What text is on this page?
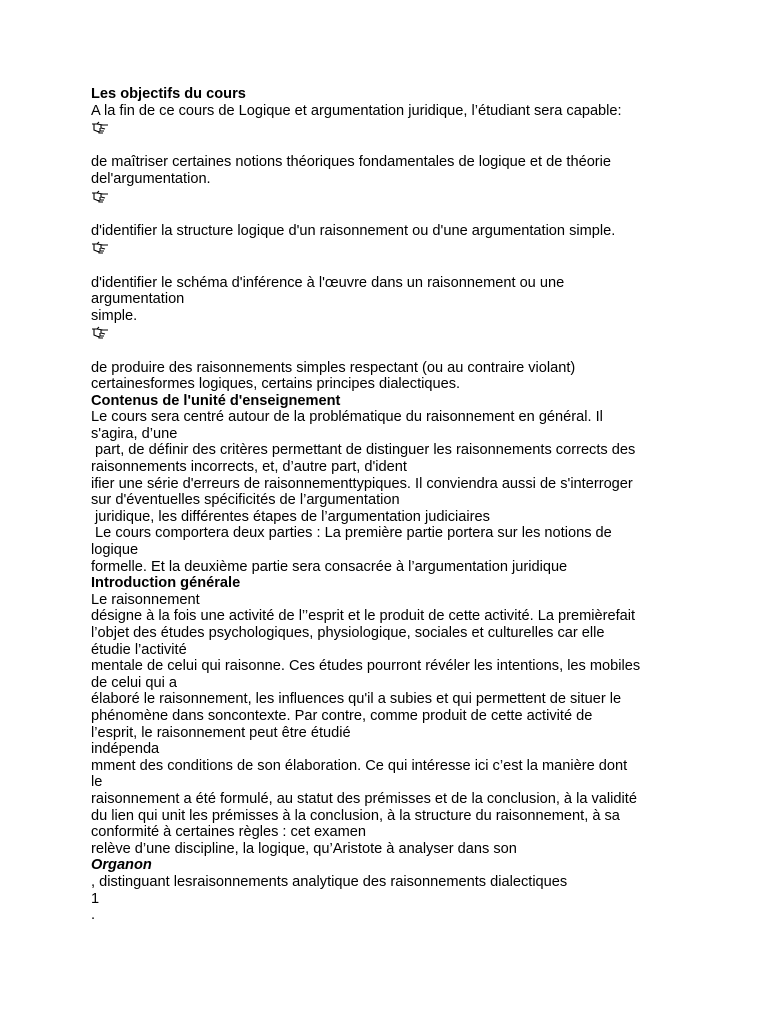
Les objectifs du cours
A la fin de ce cours de Logique et argumentation juridique, l’étudiant sera capable:
de maîtriser certaines notions théoriques fondamentales de logique et de théorie
del'argumentation.
d'identifier la structure logique d'un raisonnement ou d'une argumentation simple.
d'identifier le schéma d'inférence à l'œuvre dans un raisonnement ou une
argumentation
simple.
de produire des raisonnements simples respectant (ou au contraire violant)
certainesformes logiques, certains principes dialectiques.
Contenus de l'unité d'enseignement
Le cours sera centré autour de la problématique du raisonnement en général. Il
s'agira, d’une
part, de définir des critères permettant de distinguer les raisonnements corrects des
raisonnements incorrects, et, d’autre part, d'ident
ifier une série d'erreurs de raisonnementtypiques. Il conviendra aussi de s'interroger
sur d'éventuelles spécificités de l’argumentation
juridique, les différentes étapes de l’argumentation judiciaires
Le cours comportera deux parties : La première partie portera sur les notions de
logique
formelle. Et la deuxième partie sera consacrée à l’argumentation juridique
Introduction générale
Le raisonnement
désigne à la fois une activité de l’’esprit et le produit de cette activité. La premièrefait
l’objet des études psychologiques, physiologique, sociales et culturelles car elle
étudie l’activité
mentale de celui qui raisonne. Ces études pourront révéler les intentions, les mobiles
de celui qui a
élaboré le raisonnement, les influences qu'il a subies et qui permettent de situer le
phénomène dans soncontexte. Par contre, comme produit de cette activité de
l’esprit, le raisonnement peut être étudié
indépenda
mment des conditions de son élaboration. Ce qui intéresse ici c’est la manière dont
le
raisonnement a été formulé, au statut des prémisses et de la conclusion, à la validité
du lien qui unit les prémisses à la conclusion, à la structure du raisonnement, à sa
conformité à certaines règles : cet examen
relève d’une discipline, la logique, qu’Aristote à analyser dans son
Organon
, distinguant lesraisonnements analytique des raisonnements dialectiques
1
.
